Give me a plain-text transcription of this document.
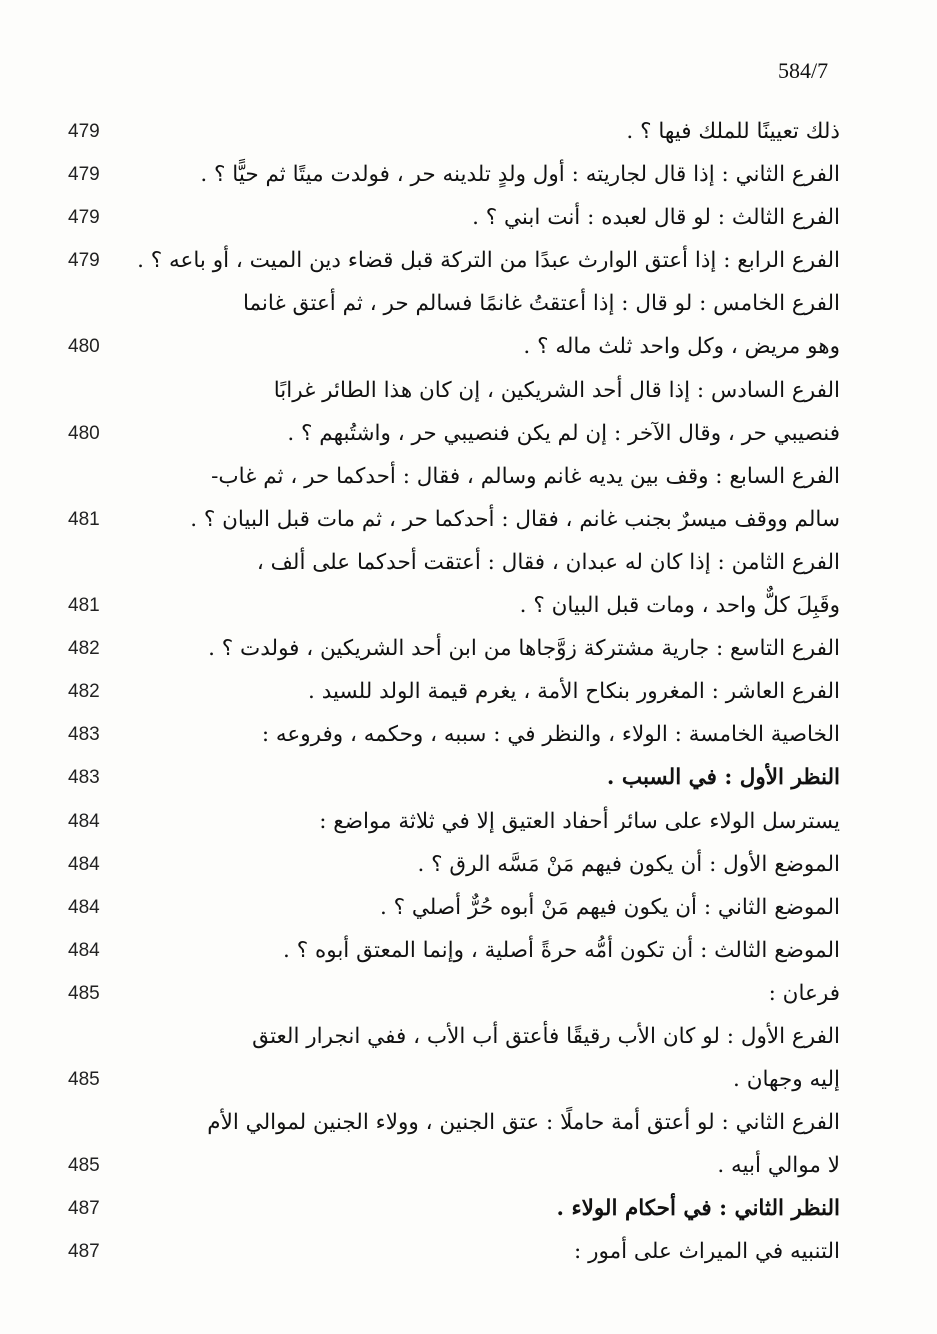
584/7
ذلك تعيينًا للملك فيها ؟ .
479
الفرع الثاني : إذا قال لجاريته : أول ولدٍ تلدينه حر ، فولدت ميتًا ثم حيًّا ؟ .
479
الفرع الثالث : لو قال لعبده : أنت ابني ؟ .
479
الفرع الرابع : إذا أعتق الوارث عبدًا من التركة قبل قضاء دين الميت ، أو باعه ؟ .
479
الفرع الخامس : لو قال : إذا أعتقتُ غانمًا فسالم حر ، ثم أعتق غانما
وهو مريض ، وكل واحد ثلث ماله ؟ .
480
الفرع السادس : إذا قال أحد الشريكين ، إن كان هذا الطائر غرابًا
فنصيبي حر ، وقال الآخر : إن لم يكن فنصيبي حر ، واشتُبهم ؟ .
480
الفرع السابع : وقف بين يديه غانم وسالم ، فقال : أحدكما حر ، ثم غاب-
سالم ووقف ميسرٌ بجنب غانم ، فقال : أحدكما حر ، ثم مات قبل البيان ؟ .
481
الفرع الثامن : إذا كان له عبدان ، فقال : أعتقت أحدكما على ألف ،
وقَبِلَ كلٌّ واحد ، ومات قبل البيان ؟ .
481
الفرع التاسع : جارية مشتركة زوَّجاها من ابن أحد الشريكين ، فولدت ؟ .
482
الفرع العاشر : المغرور بنكاح الأمة ، يغرم قيمة الولد للسيد .
482
الخاصية الخامسة : الولاء ، والنظر في : سببه ، وحكمه ، وفروعه :
483
النظر الأول : في السبب .
483
يسترسل الولاء على سائر أحفاد العتيق إلا في ثلاثة مواضع :
484
الموضع الأول : أن يكون فيهم مَنْ مَسَّه الرق ؟ .
484
الموضع الثاني : أن يكون فيهم مَنْ أبوه حُرٌّ أصلي ؟ .
484
الموضع الثالث : أن تكون أمُّه حرةً أصلية ، وإنما المعتق أبوه ؟ .
484
فرعان :
485
الفرع الأول : لو كان الأب رقيقًا فأعتق أب الأب ، ففي انجرار العتق
إليه وجهان .
485
الفرع الثاني : لو أعتق أمة حاملًا : عتق الجنين ، وولاء الجنين لموالي الأم
لا موالي أبيه .
485
النظر الثاني : في أحكام الولاء .
487
التنبيه في الميراث على أمور :
487
